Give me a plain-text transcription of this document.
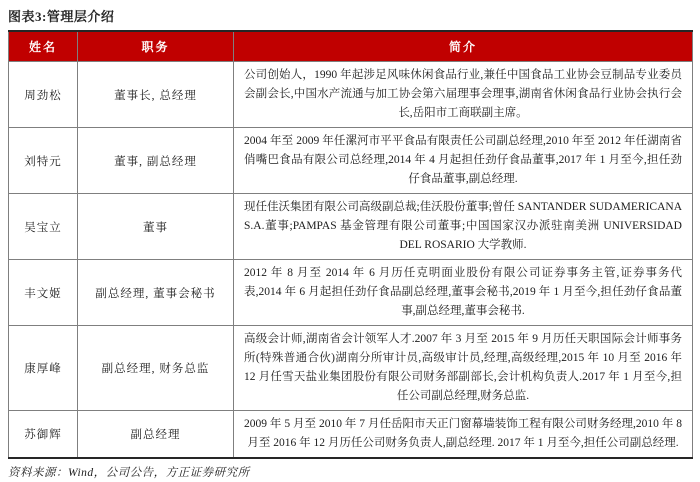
图表3:管理层介绍
姓名	职务	简介
周劲松	董事长, 总经理	公司创始人，1990 年起涉足风味休闲食品行业,兼任中国食品工业协会豆制品专业委员会副会长,中国水产流通与加工协会第六届理事会理事,湖南省休闲食品行业协会执行会长,岳阳市工商联副主席。
刘特元	董事, 副总经理	2004 年至 2009 年任漯河市平平食品有限责任公司副总经理,2010 年至 2012 年任湖南省俏嘴巴食品有限公司总经理,2014 年 4 月起担任劲仔食品董事,2017 年 1 月至今,担任劲仔食品董事,副总经理.
吴宝立	董事	现任佳沃集团有限公司高级副总裁;佳沃股份董事;曾任 SANTANDER SUDAMERICANA S.A.董事;PAMPAS 基金管理有限公司董事;中国国家汉办派驻南美洲 UNIVERSIDAD DEL ROSARIO 大学教师.
丰文姬	副总经理, 董事会秘书	2012 年 8 月至 2014 年 6 月历任克明面业股份有限公司证券事务主管,证券事务代表,2014 年 6 月起担任劲仔食品副总经理,董事会秘书,2019 年 1 月至今,担任劲仔食品董事,副总经理,董事会秘书.
康厚峰	副总经理, 财务总监	高级会计师,湖南省会计领军人才.2007 年 3 月至 2015 年 9 月历任天职国际会计师事务所(特殊普通合伙)湖南分所审计员,高级审计员,经理,高级经理,2015 年 10 月至 2016 年 12 月任雪天盐业集团股份有限公司财务部副部长,会计机构负责人.2017 年 1 月至今,担任公司副总经理,财务总监.
苏御辉	副总经理	2009 年 5 月至 2010 年 7 月任岳阳市天正门窗幕墙装饰工程有限公司财务经理,2010 年 8 月至 2016 年 12 月历任公司财务负责人,副总经理. 2017 年 1 月至今,担任公司副总经理.
资料来源：Wind，公司公告，方正证券研究所
